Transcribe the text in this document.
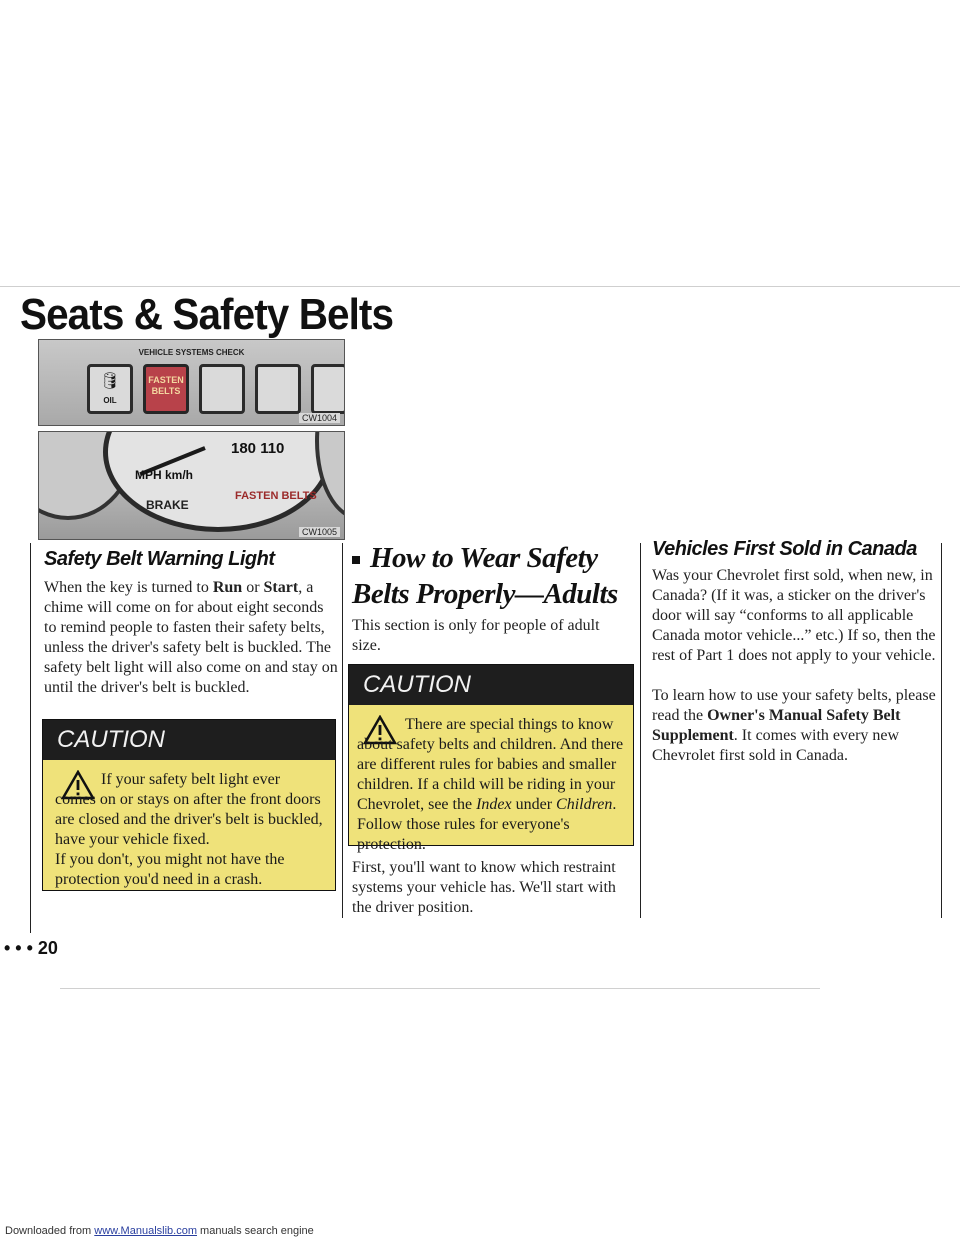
Seats & Safety Belts
VEHICLE SYSTEMS CHECK
🛢
OIL
FASTEN BELTS
CW1004
180 110
MPH km/h
BRAKE
FASTEN BELTS
CW1005
Safety Belt Warning Light
When the key is turned to Run or Start, a chime will come on for about eight seconds to remind people to fasten their safety belts, unless the driver's safety belt is buckled. The safety belt light will also come on and stay on until the driver's belt is buckled.
CAUTION
If your safety belt light ever comes on or stays on after the front doors are closed and the driver's belt is buckled, have your vehicle fixed.
If you don't, you might not have the protection you'd need in a crash.
How to Wear Safety Belts Properly—Adults
This section is only for people of adult size.
CAUTION
There are special things to know about safety belts and children. And there are different rules for babies and smaller children. If a child will be riding in your Chevrolet, see the Index under Children. Follow those rules for everyone's protection.
First, you'll want to know which restraint systems your vehicle has. We'll start with the driver position.
Vehicles First Sold in Canada
Was your Chevrolet first sold, when new, in Canada? (If it was, a sticker on the driver's door will say “conforms to all applicable Canada motor vehicle...” etc.) If so, then the rest of Part 1 does not apply to your vehicle.
To learn how to use your safety belts, please read the Owner's Manual Safety Belt Supplement. It comes with every new Chevrolet first sold in Canada.
• • • 20
Downloaded from www.Manualslib.com manuals search engine
